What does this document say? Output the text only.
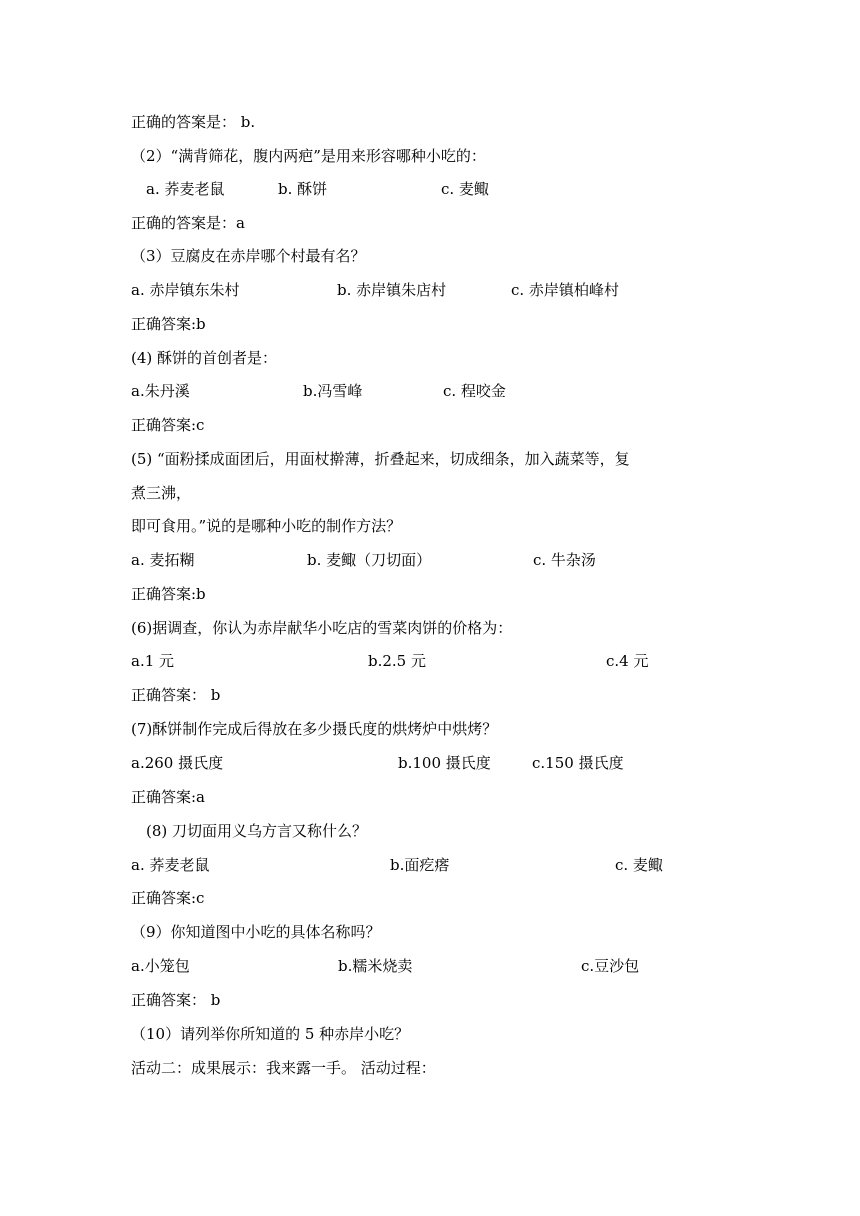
正确的答案是： b.
（2）“满背筛花，腹内两疤”是用来形容哪种小吃的：
a. 荞麦老鼠	b. 酥饼	c. 麦鲰
正确的答案是：a
（3）豆腐皮在赤岸哪个村最有名？
a. 赤岸镇东朱村	b. 赤岸镇朱店村	c. 赤岸镇柏峰村
正确答案:b
(4) 酥饼的首创者是：
a.朱丹溪	b.冯雪峰	c. 程咬金
正确答案:c
(5) “面粉揉成面团后，用面杖擀薄，折叠起来，切成细条，加入蔬菜等，复
煮三沸，
即可食用。”说的是哪种小吃的制作方法？
a. 麦拓糊	b. 麦鲰（刀切面）	c. 牛杂汤
正确答案:b
(6)据调查，你认为赤岸献华小吃店的雪菜肉饼的价格为：
a.1 元	b.2.5 元	c.4 元
正确答案： b
(7)酥饼制作完成后得放在多少摄氏度的烘烤炉中烘烤？
a.260 摄氏度	b.100 摄氏度	c.150 摄氏度
正确答案:a
(8) 刀切面用义乌方言又称什么？
a. 荞麦老鼠	b.面疙瘩	c. 麦鲰
正确答案:c
（9）你知道图中小吃的具体名称吗？
a.小笼包	b.糯米烧卖	c.豆沙包
正确答案： b
（10）请列举你所知道的 5 种赤岸小吃？
活动二：成果展示：我来露一手。 活动过程：
